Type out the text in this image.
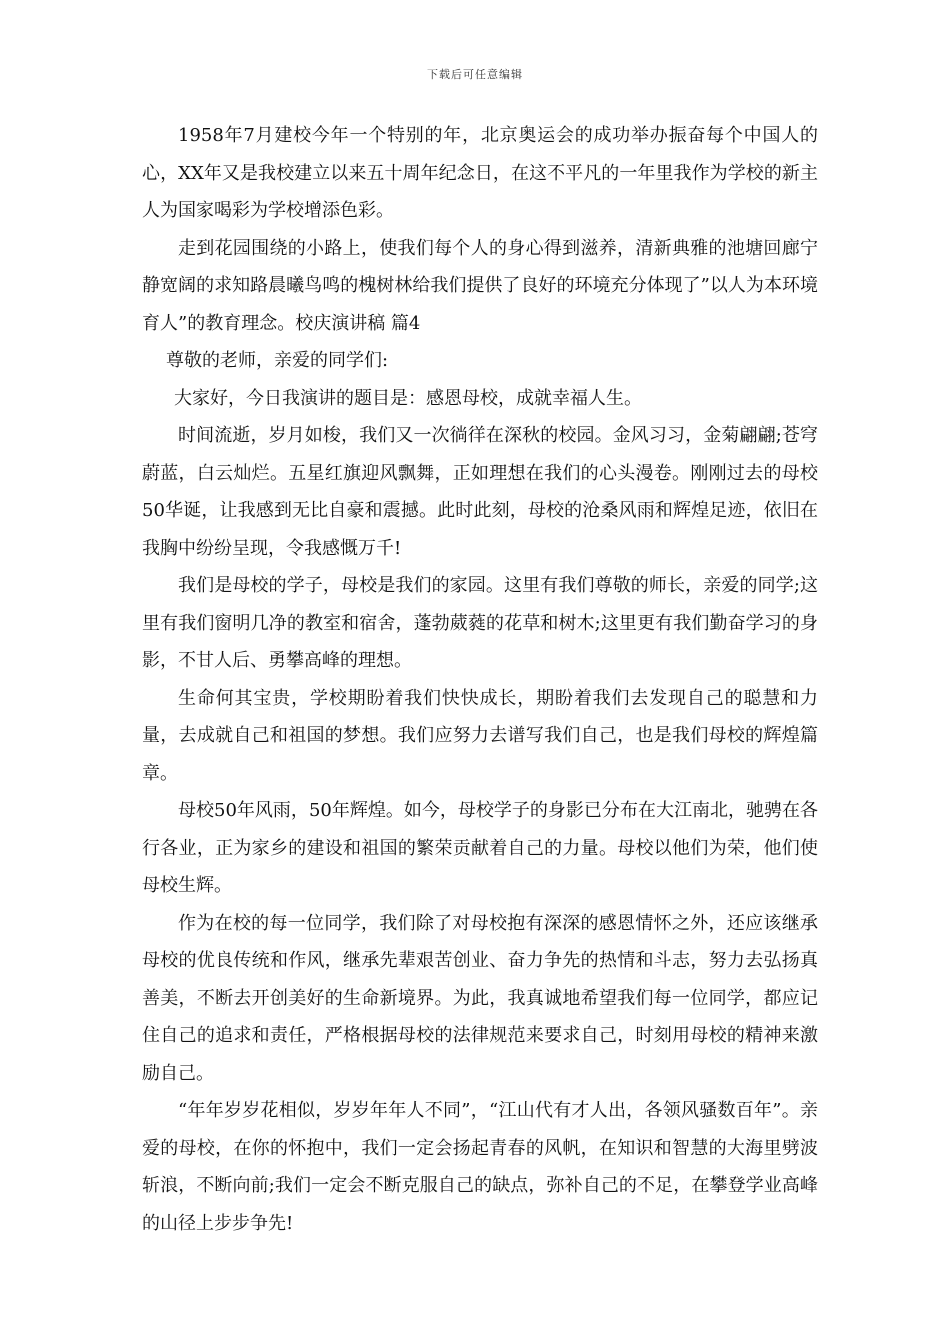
下载后可任意编辑

1958年7月建校今年一个特别的年，北京奥运会的成功举办振奋每个中国人的心，XX年又是我校建立以来五十周年纪念日，在这不平凡的一年里我作为学校的新主人为国家喝彩为学校增添色彩。

走到花园围绕的小路上，使我们每个人的身心得到滋养，清新典雅的池塘回廊宁静宽阔的求知路晨曦鸟鸣的槐树林给我们提供了良好的环境充分体现了”以人为本环境育人”的教育理念。校庆演讲稿 篇4

尊敬的老师，亲爱的同学们:

大家好，今日我演讲的题目是：感恩母校，成就幸福人生。

时间流逝，岁月如梭，我们又一次徜徉在深秋的校园。金风习习，金菊翩翩;苍穹蔚蓝，白云灿烂。五星红旗迎风飘舞，正如理想在我们的心头漫卷。刚刚过去的母校50华诞，让我感到无比自豪和震撼。此时此刻，母校的沧桑风雨和辉煌足迹，依旧在我胸中纷纷呈现，令我感慨万千!

我们是母校的学子，母校是我们的家园。这里有我们尊敬的师长，亲爱的同学;这里有我们窗明几净的教室和宿舍，蓬勃葳蕤的花草和树木;这里更有我们勤奋学习的身影，不甘人后、勇攀高峰的理想。

生命何其宝贵，学校期盼着我们快快成长，期盼着我们去发现自己的聪慧和力量，去成就自己和祖国的梦想。我们应努力去谱写我们自己，也是我们母校的辉煌篇章。

母校50年风雨，50年辉煌。如今，母校学子的身影已分布在大江南北，驰骋在各行各业，正为家乡的建设和祖国的繁荣贡献着自己的力量。母校以他们为荣，他们使母校生辉。

作为在校的每一位同学，我们除了对母校抱有深深的感恩情怀之外，还应该继承母校的优良传统和作风，继承先辈艰苦创业、奋力争先的热情和斗志，努力去弘扬真善美，不断去开创美好的生命新境界。为此，我真诚地希望我们每一位同学，都应记住自己的追求和责任，严格根据母校的法律规范来要求自己，时刻用母校的精神来激励自己。

“年年岁岁花相似，岁岁年年人不同”，“江山代有才人出，各领风骚数百年”。亲爱的母校，在你的怀抱中，我们一定会扬起青春的风帆，在知识和智慧的大海里劈波斩浪，不断向前;我们一定会不断克服自己的缺点，弥补自己的不足，在攀登学业高峰的山径上步步争先!
